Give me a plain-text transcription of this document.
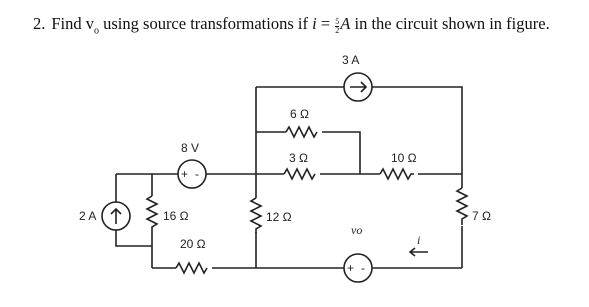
2. Find $v_o$ using source transformations if $i = \frac{5}{2}$ A in the circuit shown in figure.
+ -
+ -
3 A
2 A
8 V
6 Ω
3 Ω	10 Ω
16 Ω	12 Ω
20 Ω
7 Ω
vo
i
